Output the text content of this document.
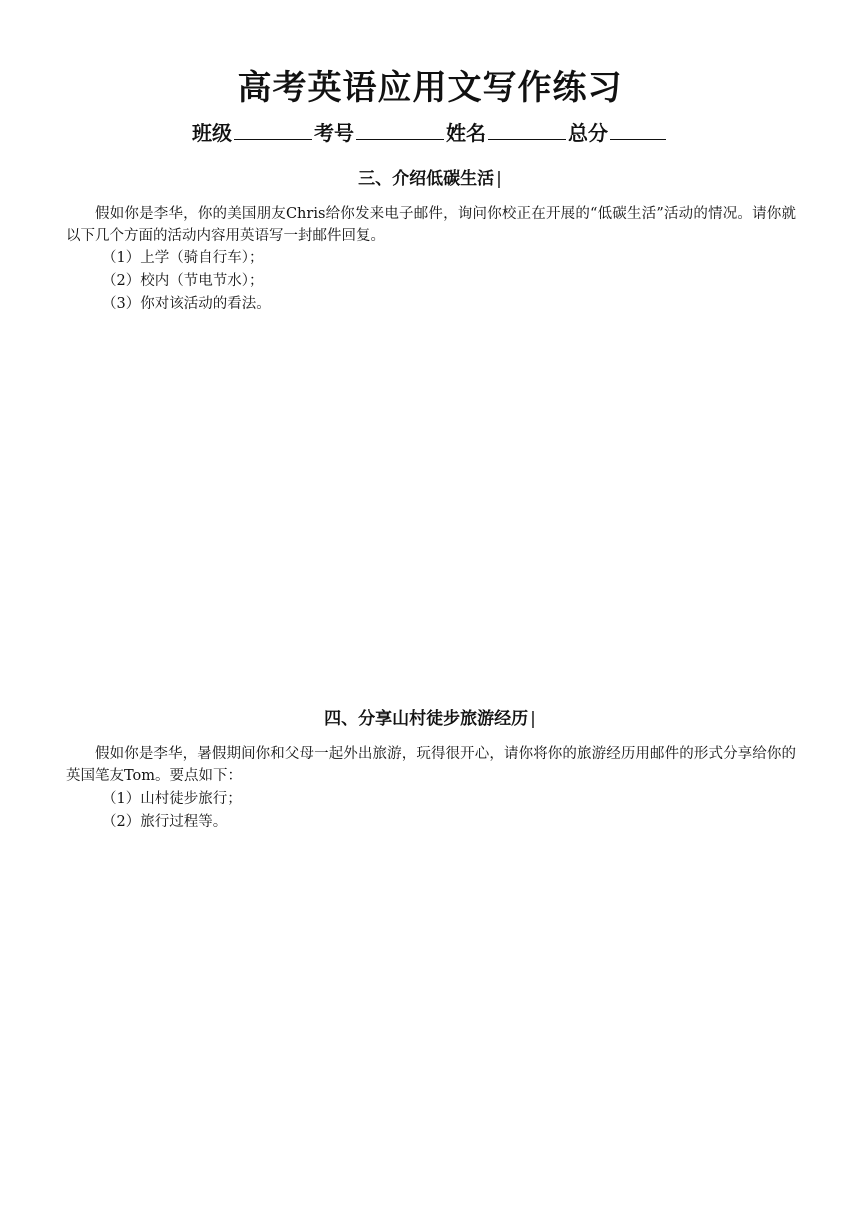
高考英语应用文写作练习
班级	考号	姓名	总分
三、介绍低碳生活 |
假如你是李华，你的美国朋友Chris给你发来电子邮件，询问你校正在开展的“低碳生活”活动的情况。请你就以下几个方面的活动内容用英语写一封邮件回复。
（1）上学（骑自行车）；
（2）校内（节电节水）；
（3）你对该活动的看法。
四、分享山村徒步旅游经历 |
假如你是李华，暑假期间你和父母一起外出旅游，玩得很开心，请你将你的旅游经历用邮件的形式分享给你的英国笔友Tom。要点如下：
（1）山村徒步旅行；
（2）旅行过程等。
